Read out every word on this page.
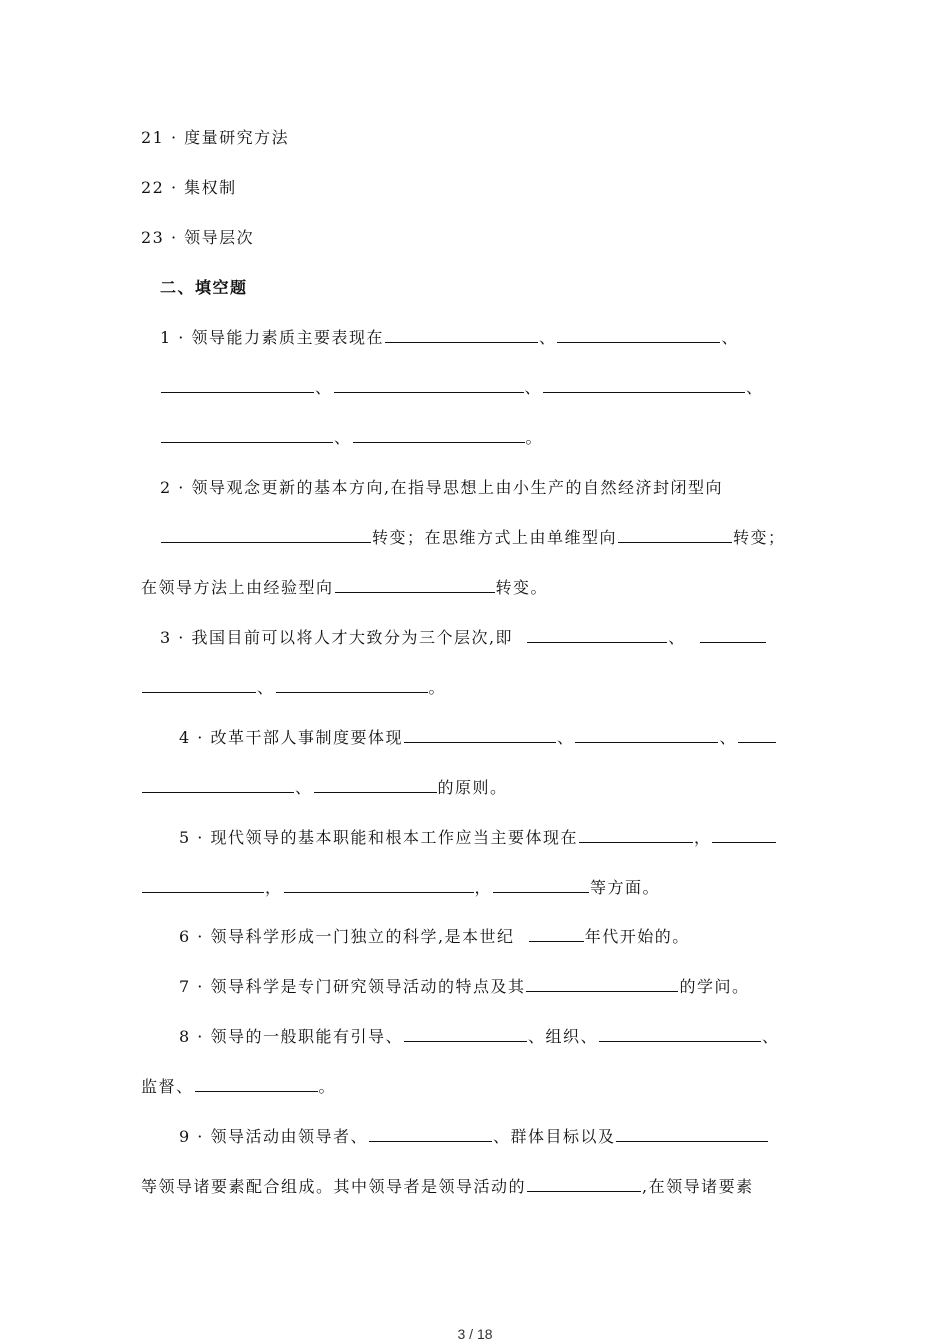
21 · 度量研究方法
22 · 集权制
23 · 领导层次
二、填空题
1 · 领导能力素质主要表现在	、	、
、	、	、
、	。
2 · 领导观念更新的基本方向,在指导思想上由小生产的自然经济封闭型向
转变；在思维方式上由单维型向	转变；
在领导方法上由经验型向	转变。
3 · 我国目前可以将人才大致分为三个层次,即	、
、	。
4 · 改革干部人事制度要体现	、	、
、	的原则。
5 · 现代领导的基本职能和根本工作应当主要体现在	，
，	，	等方面。
6 · 领导科学形成一门独立的科学,是本世纪	年代开始的。
7 · 领导科学是专门研究领导活动的特点及其	的学问。
8 · 领导的一般职能有引导、	、组织、	、
监督、	。
9 · 领导活动由领导者、	、群体目标以及
等领导诸要素配合组成。其中领导者是领导活动的	,在领导诸要素
3 / 18
